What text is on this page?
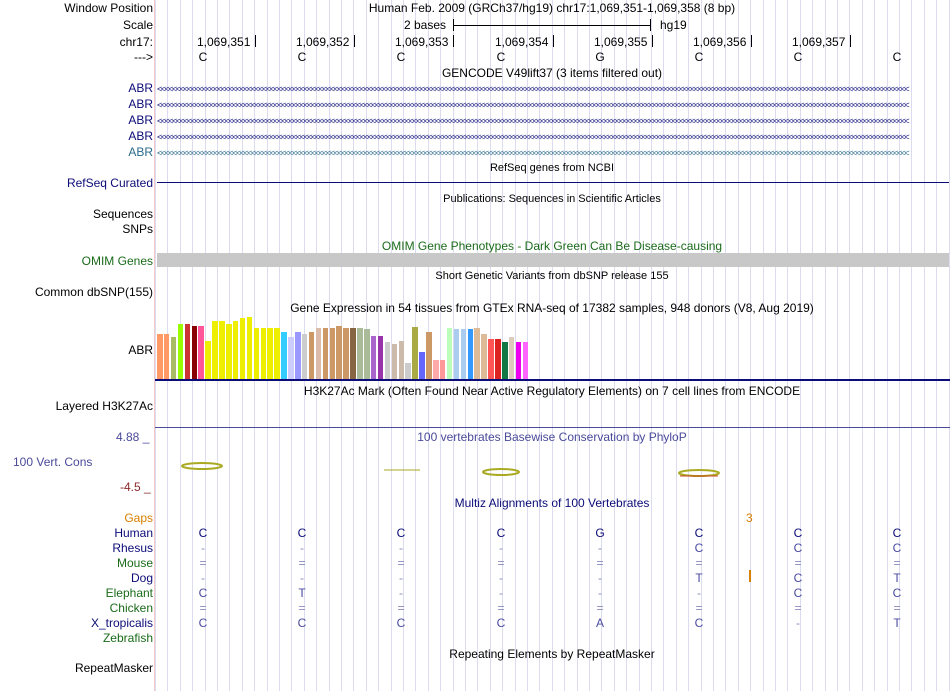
Window Position	Human Feb. 2009 (GRCh37/hg19) chr17:1,069,351-1,069,358 (8 bp)
Scale	2 bases	hg19
chr17:	1,069,351	1,069,352	1,069,353	1,069,354	1,069,355	1,069,356	1,069,357
--->	C	C	C	C	G	C	C	C
GENCODE V49lift37 (3 items filtered out)
ABR <<<<<<<<<<<<<<<<<<<<<<<<<<<<<<<<<<<<<<<<<<<<<<<<<<<<<<<<<<<<<<<<<<<<<<<<<<<<<<<<<<<<<<<<<<<<<<<<<<<<<<<<<<<<<<<<<<<<<<<<<<<<<<<<<<<<<<<<<<<<<<<<<<<<<<<<<<<<<<<<<<<<<<<<<<<<<<<<<<<<<<<<<<<<<<<<<<<<<<<<
ABR <<<<<<<<<<<<<<<<<<<<<<<<<<<<<<<<<<<<<<<<<<<<<<<<<<<<<<<<<<<<<<<<<<<<<<<<<<<<<<<<<<<<<<<<<<<<<<<<<<<<<<<<<<<<<<<<<<<<<<<<<<<<<<<<<<<<<<<<<<<<<<<<<<<<<<<<<<<<<<<<<<<<<<<<<<<<<<<<<<<<<<<<<<<<<<<<<<<<<<<<
ABR <<<<<<<<<<<<<<<<<<<<<<<<<<<<<<<<<<<<<<<<<<<<<<<<<<<<<<<<<<<<<<<<<<<<<<<<<<<<<<<<<<<<<<<<<<<<<<<<<<<<<<<<<<<<<<<<<<<<<<<<<<<<<<<<<<<<<<<<<<<<<<<<<<<<<<<<<<<<<<<<<<<<<<<<<<<<<<<<<<<<<<<<<<<<<<<<<<<<<<<<
ABR <<<<<<<<<<<<<<<<<<<<<<<<<<<<<<<<<<<<<<<<<<<<<<<<<<<<<<<<<<<<<<<<<<<<<<<<<<<<<<<<<<<<<<<<<<<<<<<<<<<<<<<<<<<<<<<<<<<<<<<<<<<<<<<<<<<<<<<<<<<<<<<<<<<<<<<<<<<<<<<<<<<<<<<<<<<<<<<<<<<<<<<<<<<<<<<<<<<<<<<<
ABR <<<<<<<<<<<<<<<<<<<<<<<<<<<<<<<<<<<<<<<<<<<<<<<<<<<<<<<<<<<<<<<<<<<<<<<<<<<<<<<<<<<<<<<<<<<<<<<<<<<<<<<<<<<<<<<<<<<<<<<<<<<<<<<<<<<<<<<<<<<<<<<<<<<<<<<<<<<<<<<<<<<<<<<<<<<<<<<<<<<<<<<<<<<<<<<<<<<<<<<<
RefSeq genes from NCBI
RefSeq Curated
Publications: Sequences in Scientific Articles
Sequences
SNPs
OMIM Gene Phenotypes - Dark Green Can Be Disease-causing
OMIM Genes
Short Genetic Variants from dbSNP release 155
Common dbSNP(155)
Gene Expression in 54 tissues from GTEx RNA-seq of 17382 samples, 948 donors (V8, Aug 2019)
ABR
H3K27Ac Mark (Often Found Near Active Regulatory Elements) on 7 cell lines from ENCODE
Layered H3K27Ac
100 vertebrates Basewise Conservation by PhyloP
4.88 _
100 Vert. Cons
-4.5 _
Multiz Alignments of 100 Vertebrates
Gaps	3
Human	C	C	C	C	G	C	C	C
Rhesus	-	-	-	-	-	C	C	C
Mouse	=	=	=	=	=	=	=	=
Dog	-	-	-	-	-	T	C	T
Elephant	C	T	-	-	-	-	C	C
Chicken	=	=	=	=	=	=	=	=
X_tropicalis	C	C	C	C	A	C	-	T
Zebrafish
Repeating Elements by RepeatMasker
RepeatMasker
